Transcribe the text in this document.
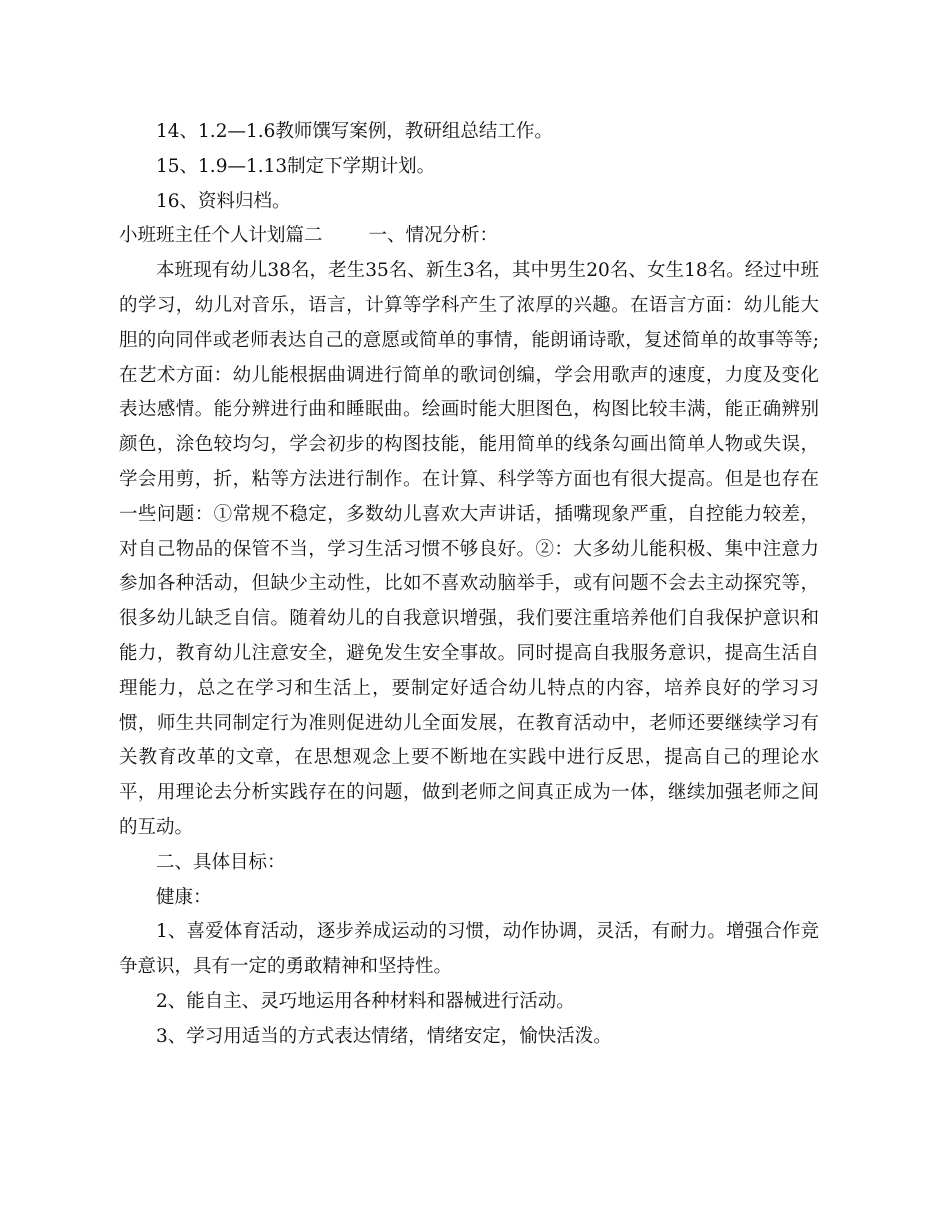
14、1.2—1.6教师馔写案例，教研组总结工作。

15、1.9—1.13制定下学期计划。

16、资料归档。

小班班主任个人计划篇二 一、情况分析：

本班现有幼儿38名，老生35名、新生3名，其中男生20名、女生18名。经过中班的学习，幼儿对音乐，语言，计算等学科产生了浓厚的兴趣。在语言方面：幼儿能大胆的向同伴或老师表达自己的意愿或简单的事情，能朗诵诗歌，复述简单的故事等等;在艺术方面：幼儿能根据曲调进行简单的歌词创编，学会用歌声的速度，力度及变化表达感情。能分辨进行曲和睡眠曲。绘画时能大胆图色，构图比较丰满，能正确辨别颜色，涂色较均匀，学会初步的构图技能，能用简单的线条勾画出简单人物或失误，学会用剪，折，粘等方法进行制作。在计算、科学等方面也有很大提高。但是也存在一些问题：①常规不稳定，多数幼儿喜欢大声讲话，插嘴现象严重，自控能力较差，对自己物品的保管不当，学习生活习惯不够良好。②：大多幼儿能积极、集中注意力参加各种活动，但缺少主动性，比如不喜欢动脑举手，或有问题不会去主动探究等，很多幼儿缺乏自信。随着幼儿的自我意识增强，我们要注重培养他们自我保护意识和能力，教育幼儿注意安全，避免发生安全事故。同时提高自我服务意识，提高生活自理能力，总之在学习和生活上，要制定好适合幼儿特点的内容，培养良好的学习习惯，师生共同制定行为准则促进幼儿全面发展，在教育活动中，老师还要继续学习有关教育改革的文章，在思想观念上要不断地在实践中进行反思，提高自己的理论水平，用理论去分析实践存在的问题，做到老师之间真正成为一体，继续加强老师之间的互动。

二、具体目标：

健康：

1、喜爱体育活动，逐步养成运动的习惯，动作协调，灵活，有耐力。增强合作竞争意识，具有一定的勇敢精神和坚持性。

2、能自主、灵巧地运用各种材料和器械进行活动。

3、学习用适当的方式表达情绪，情绪安定，愉快活泼。
